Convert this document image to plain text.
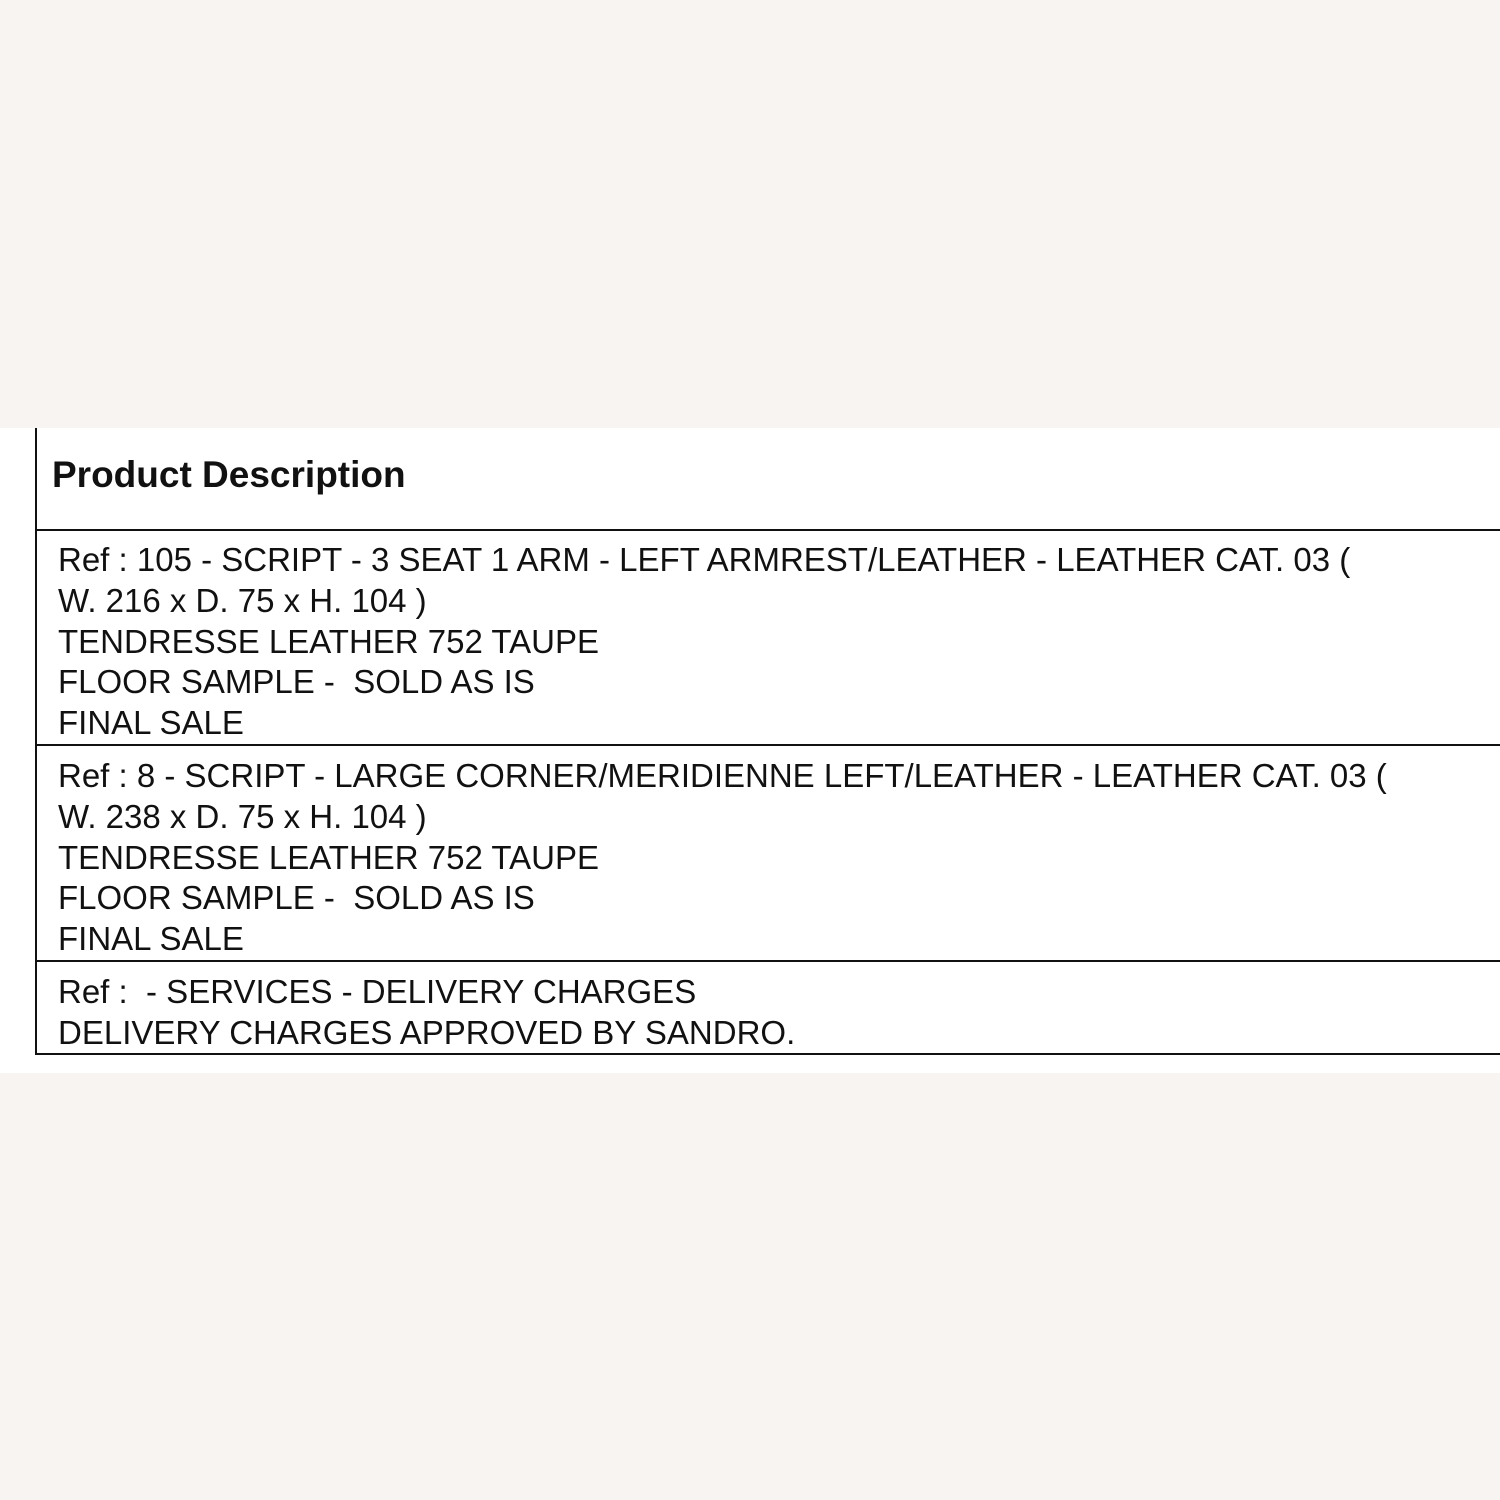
Product Description
Ref : 105 - SCRIPT - 3 SEAT 1 ARM - LEFT ARMREST/LEATHER - LEATHER CAT. 03 (
W. 216 x D. 75 x H. 104 )
TENDRESSE LEATHER 752 TAUPE
FLOOR SAMPLE -  SOLD AS IS
FINAL SALE
Ref : 8 - SCRIPT - LARGE CORNER/MERIDIENNE LEFT/LEATHER - LEATHER CAT. 03 (
W. 238 x D. 75 x H. 104 )
TENDRESSE LEATHER 752 TAUPE
FLOOR SAMPLE -  SOLD AS IS
FINAL SALE
Ref :  - SERVICES - DELIVERY CHARGES
DELIVERY CHARGES APPROVED BY SANDRO.
